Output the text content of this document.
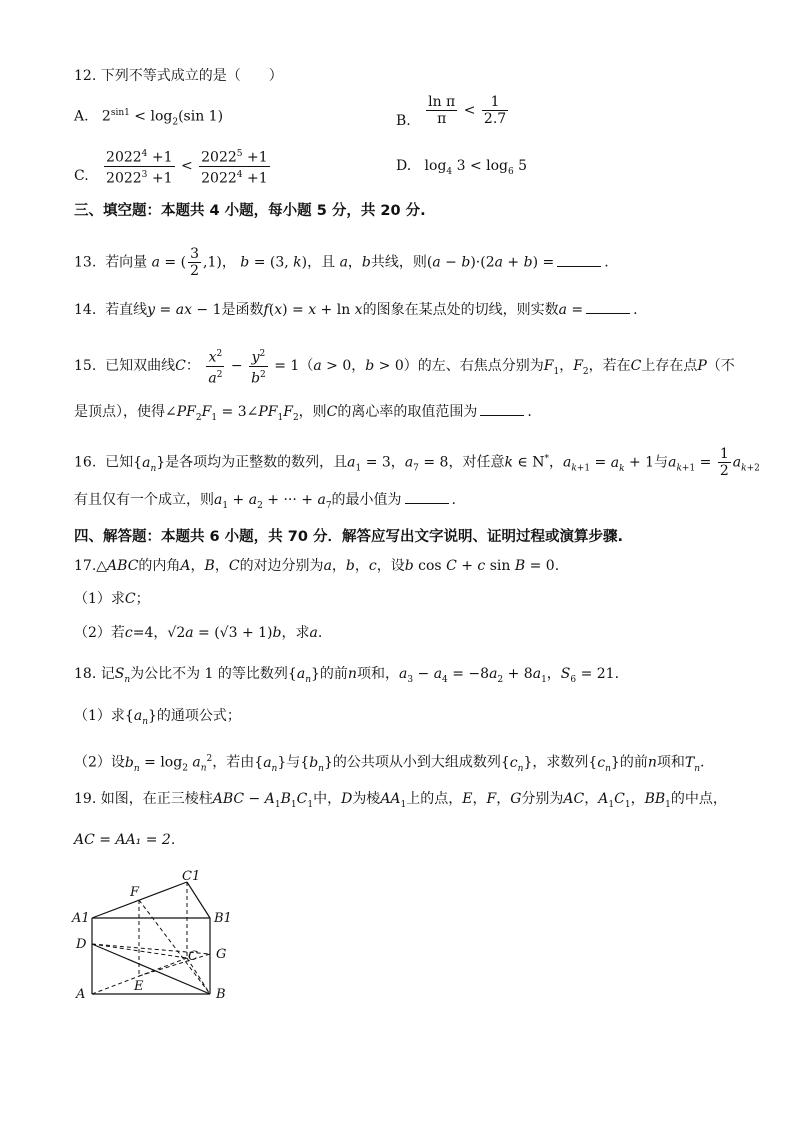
12. 下列不等式成立的是（　　）
A.   $2^{sin1} < \log_2(\sin$ 1)	B. $\frac{\text{ln π}}{\pi} < \frac{1}{2.7}$
C. $\frac{2022^4 +1}{2022^3 +1} < \frac{2022^5 +1}{2022^4 +1}$	D.   $\log_4 3 < \log_6 5$
三、填空题：本题共 4 小题，每小题 5 分，共 20 分.
13. 若向量 a = ( $\frac{3}{2} ,1$)， b = (3, k)，且 a，b共线，则(a − b)·(2a + b) =	.
14. 若直线y = ax − 1是函数f(x) = x + ln x的图象在某点处的切线，则实数a =	.
15. 已知双曲线C： $\frac{x^2}{a^2} - \frac{y^2}{b^2} = 1(a > 0$，b > 0）的左、右焦点分别为$F_1$，$F_2$，若在C上存在点P（不
是顶点），使得$\angle PF_2F_1$ = $3\angle PF_1F_2$，则C的离心率的取值范围为	.
16. 已知$\{a_n\}$是各项均为正整数的数列，且$a_1 = 3$，$a_7 = 8$，对任意k ∈ N*，$a_{k+1} = a_k + 1$与$a_{k+1} = \frac{1}{2} a_{k+2}$
有且仅有一个成立，则$a_1 + a_2$ + ··· + $a_7$的最小值为	.
四、解答题：本题共 6 小题，共 70 分．解答应写出文字说明、证明过程或演算步骤.
17.△ABC的内角A，B，C的对边分别为a，b，c，设b cos C + c sin B = 0.
（1）求C；
（2）若c=4，√2a = (√3 + 1)b，求a.
18. 记$S_n$为公比不为 1 的等比数列$\{a_n\}$的前n项和，$a_3 - a_4 = -8a_2 + 8a_1$，$S_6 = 21$.
（1）求$\{a_n\}$的通项公式；
（2）设$b_n = \log_2 a_n^2$，若由$\{a_n\}$与$\{b_n\}$的公共项从小到大组成数列$\{c_n\}$，求数列$\{c_n\}$的前n项和$T_n$.
19. 如图，在正三棱柱ABC − $A_1B_1C_1$中，D为棱$AA_1$上的点，E，F，G分别为AC，$A_1C_1$，$BB_1$的中点，
AC = AA₁ = 2.
C1
F
A1	B1
D
G
C
A
E
B
